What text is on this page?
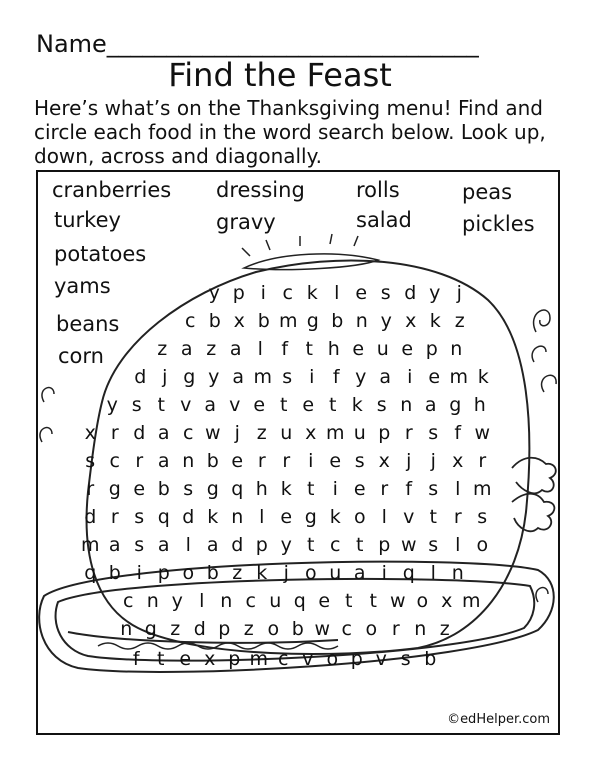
Name_______________________________
Find the Feast

Here’s what’s on the Thanksgiving menu! Find and circle each food in the word search below. Look up, down, across and diagonally.

cranberries dressing rolls	peas
turkey	gravy	salad pickles
potatoes
yams
beans
corn
y p i c k l e s d y j
c b x b m g b n y x k z
z a z a l f t h e u e p n
d j g y a m s i f y a i e m k
y s t v a v e t e t k s n a g h
x r d a c w j z u x m u p r s f w
s c r a n b e r r i e s x j j x r
r g e b s g q h k t i e r f s l m
d r s q d k n l e g k o l v t r s
m a s a l a d p y t c t p w s l o
q b i p o b z k j o u a i q l n
c n y l n c u q e t t w o x m
n g z d p z o b w c o r n z
f t e x p m c v o p v s b
©edHelper.com
